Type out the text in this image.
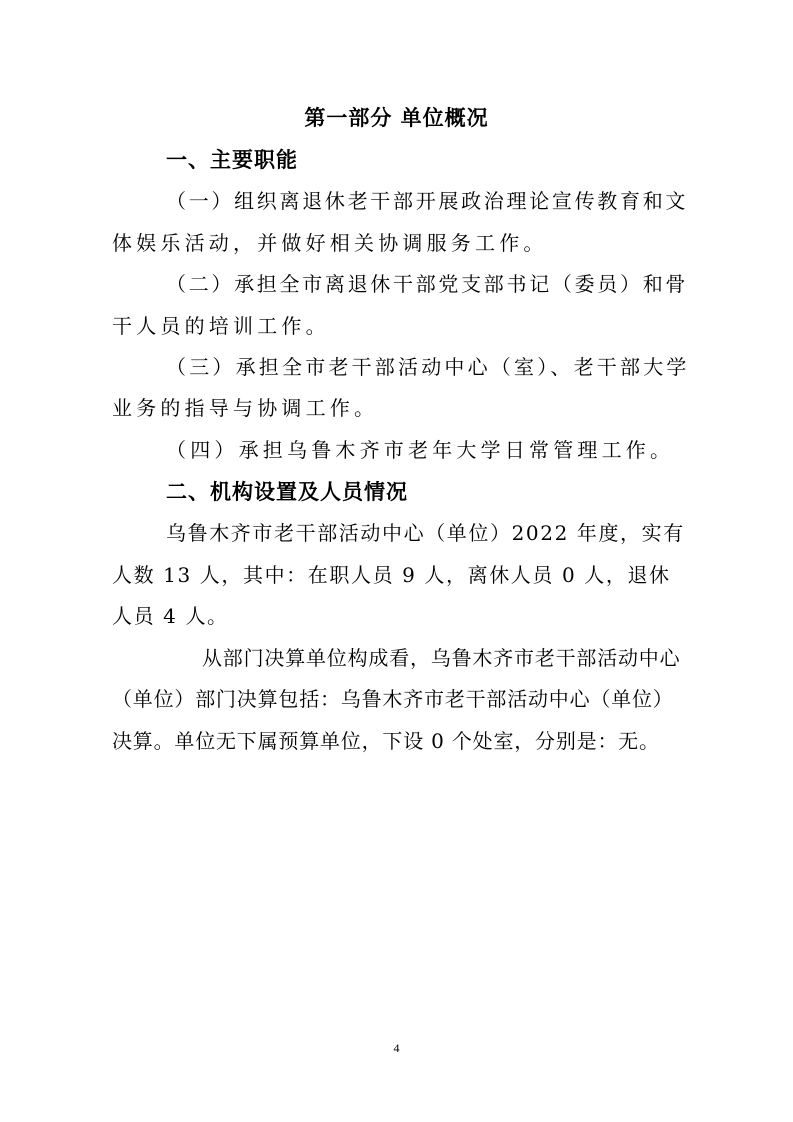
第一部分 单位概况
一、主要职能
（一）组织离退休老干部开展政治理论宣传教育和文
体娱乐活动，并做好相关协调服务工作。
（二）承担全市离退休干部党支部书记（委员）和骨
干人员的培训工作。
（三）承担全市老干部活动中心（室）、老干部大学
业务的指导与协调工作。
（四）承担乌鲁木齐市老年大学日常管理工作。
二、机构设置及人员情况
乌鲁木齐市老干部活动中心（单位）2022 年度，实有
人数 13 人，其中：在职人员 9 人，离休人员 0 人，退休
人员 4 人。
从部门决算单位构成看，乌鲁木齐市老干部活动中心
（单位）部门决算包括：乌鲁木齐市老干部活动中心（单位）
决算。单位无下属预算单位，下设 0 个处室，分别是：无。
4
